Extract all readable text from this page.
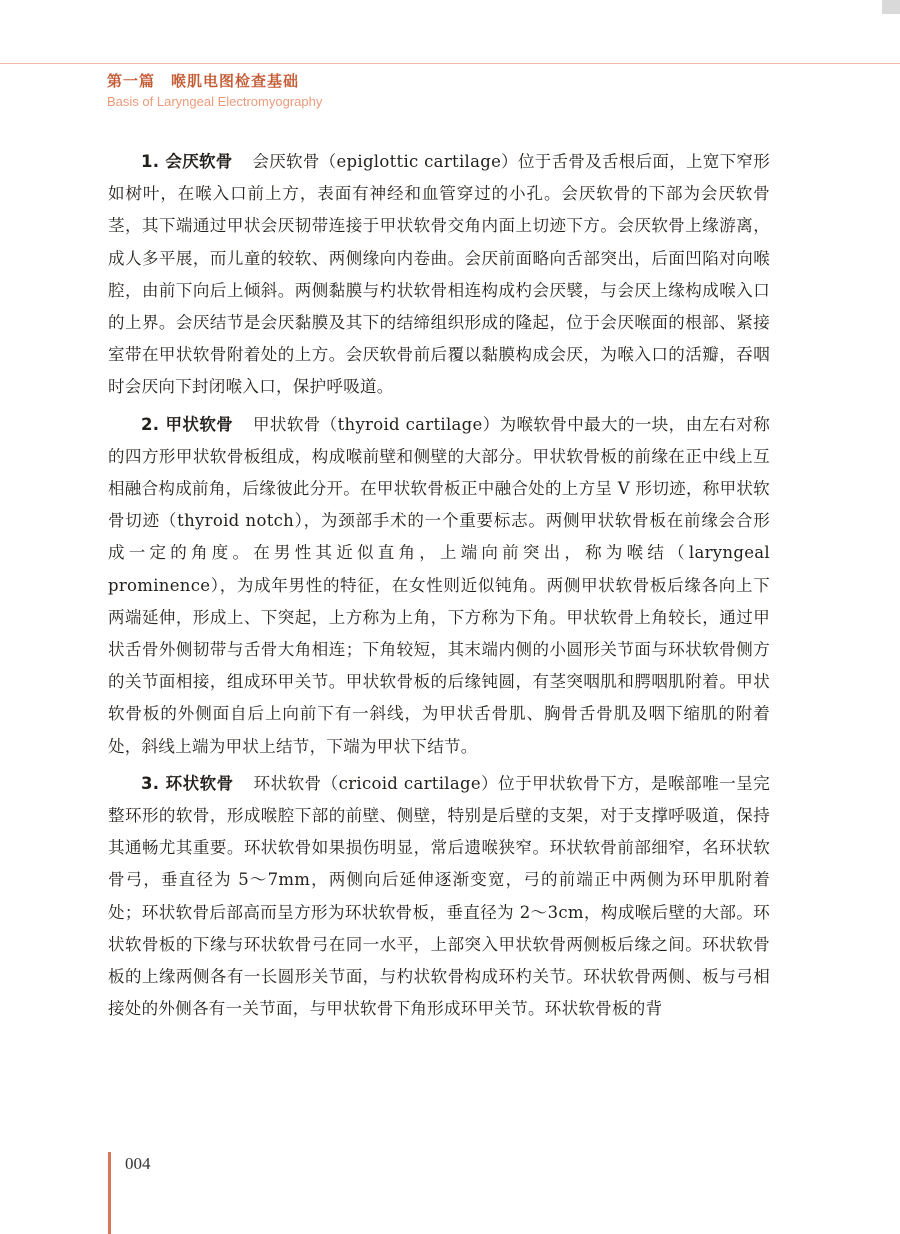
第一篇　喉肌电图检查基础
Basis of Laryngeal Electromyography

1. 会厌软骨 会厌软骨（epiglottic cartilage）位于舌骨及舌根后面，上宽下窄形如树叶，在喉入口前上方，表面有神经和血管穿过的小孔。会厌软骨的下部为会厌软骨茎，其下端通过甲状会厌韧带连接于甲状软骨交角内面上切迹下方。会厌软骨上缘游离，成人多平展，而儿童的较软、两侧缘向内卷曲。会厌前面略向舌部突出，后面凹陷对向喉腔，由前下向后上倾斜。两侧黏膜与杓状软骨相连构成杓会厌襞，与会厌上缘构成喉入口的上界。会厌结节是会厌黏膜及其下的结缔组织形成的隆起，位于会厌喉面的根部、紧接室带在甲状软骨附着处的上方。会厌软骨前后覆以黏膜构成会厌，为喉入口的活瓣，吞咽时会厌向下封闭喉入口，保护呼吸道。

2. 甲状软骨 甲状软骨（thyroid cartilage）为喉软骨中最大的一块，由左右对称的四方形甲状软骨板组成，构成喉前壁和侧壁的大部分。甲状软骨板的前缘在正中线上互相融合构成前角，后缘彼此分开。在甲状软骨板正中融合处的上方呈 V 形切迹，称甲状软骨切迹（thyroid notch），为颈部手术的一个重要标志。两侧甲状软骨板在前缘会合形成一定的角度。在男性其近似直角，上端向前突出，称为喉结（laryngeal prominence），为成年男性的特征，在女性则近似钝角。两侧甲状软骨板后缘各向上下两端延伸，形成上、下突起，上方称为上角，下方称为下角。甲状软骨上角较长，通过甲状舌骨外侧韧带与舌骨大角相连；下角较短，其末端内侧的小圆形关节面与环状软骨侧方的关节面相接，组成环甲关节。甲状软骨板的后缘钝圆，有茎突咽肌和腭咽肌附着。甲状软骨板的外侧面自后上向前下有一斜线，为甲状舌骨肌、胸骨舌骨肌及咽下缩肌的附着处，斜线上端为甲状上结节，下端为甲状下结节。

3. 环状软骨 环状软骨（cricoid cartilage）位于甲状软骨下方，是喉部唯一呈完整环形的软骨，形成喉腔下部的前壁、侧壁，特别是后壁的支架，对于支撑呼吸道，保持其通畅尤其重要。环状软骨如果损伤明显，常后遗喉狭窄。环状软骨前部细窄，名环状软骨弓，垂直径为 5～7mm，两侧向后延伸逐渐变宽，弓的前端正中两侧为环甲肌附着处；环状软骨后部高而呈方形为环状软骨板，垂直径为 2～3cm，构成喉后壁的大部。环状软骨板的下缘与环状软骨弓在同一水平，上部突入甲状软骨两侧板后缘之间。环状软骨板的上缘两侧各有一长圆形关节面，与杓状软骨构成环杓关节。环状软骨两侧、板与弓相接处的外侧各有一关节面，与甲状软骨下角形成环甲关节。环状软骨板的背

004
